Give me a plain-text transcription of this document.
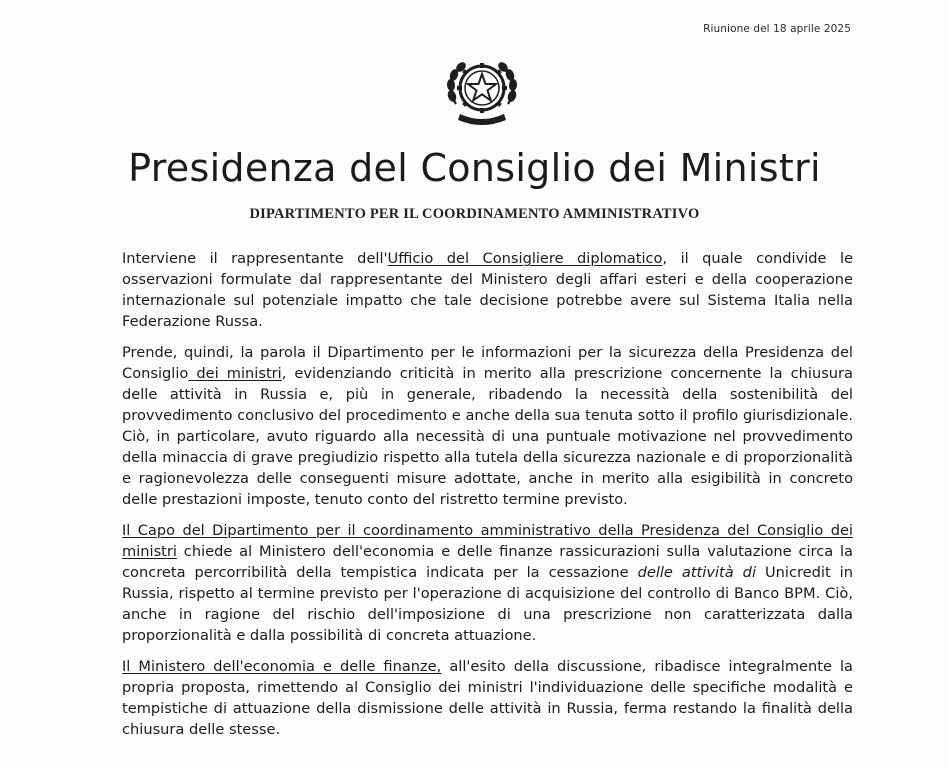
Riunione del 18 aprile 2025
Presidenza del Consiglio dei Ministri
DIPARTIMENTO PER IL COORDINAMENTO AMMINISTRATIVO

Interviene il rappresentante dell'Ufficio del Consigliere diplomatico, il quale condivide le osservazioni formulate dal rappresentante del Ministero degli affari esteri e della cooperazione internazionale sul potenziale impatto che tale decisione potrebbe avere sul Sistema Italia nella Federazione Russa.

Prende, quindi, la parola il Dipartimento per le informazioni per la sicurezza della Presidenza del Consiglio dei ministri, evidenziando criticità in merito alla prescrizione concernente la chiusura delle attività in Russia e, più in generale, ribadendo la necessità della sostenibilità del provvedimento conclusivo del procedimento e anche della sua tenuta sotto il profilo giurisdizionale. Ciò, in particolare, avuto riguardo alla necessità di una puntuale motivazione nel provvedimento della minaccia di grave pregiudizio rispetto alla tutela della sicurezza nazionale e di proporzionalità e ragionevolezza delle conseguenti misure adottate, anche in merito alla esigibilità in concreto delle prestazioni imposte, tenuto conto del ristretto termine previsto.

Il Capo del Dipartimento per il coordinamento amministrativo della Presidenza del Consiglio dei ministri chiede al Ministero dell'economia e delle finanze rassicurazioni sulla valutazione circa la concreta percorribilità della tempistica indicata per la cessazione delle attività di Unicredit in Russia, rispetto al termine previsto per l'operazione di acquisizione del controllo di Banco BPM. Ciò, anche in ragione del rischio dell'imposizione di una prescrizione non caratterizzata dalla proporzionalità e dalla possibilità di concreta attuazione.

Il Ministero dell'economia e delle finanze, all'esito della discussione, ribadisce integralmente la propria proposta, rimettendo al Consiglio dei ministri l'individuazione delle specifiche modalità e tempistiche di attuazione della dismissione delle attività in Russia, ferma restando la finalità della chiusura delle stesse.
